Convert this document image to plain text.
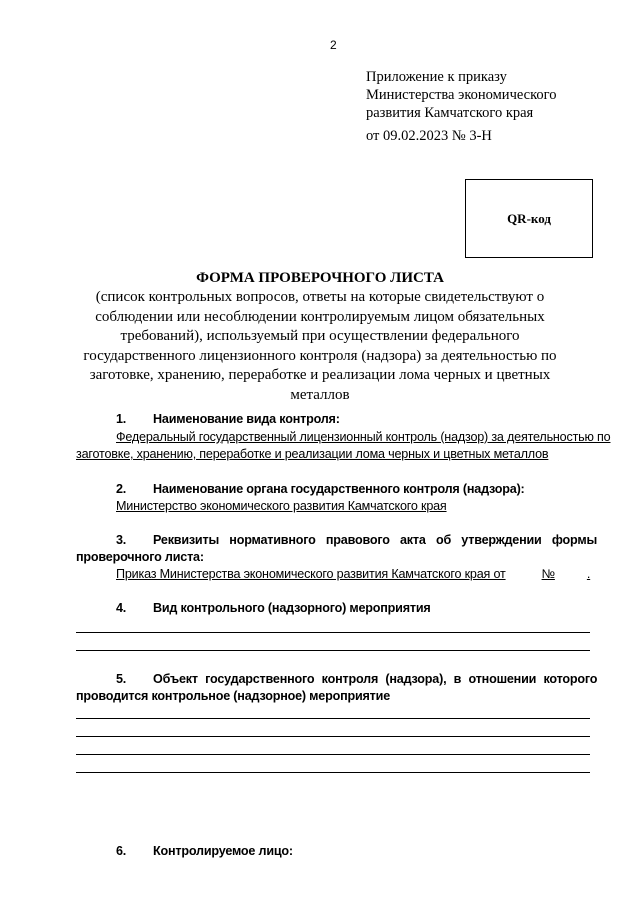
2
Приложение к приказу
Министерства экономического
развития Камчатского края
от 09.02.2023 № 3-Н
QR-код
ФОРМА ПРОВЕРОЧНОГО ЛИСТА
(список контрольных вопросов, ответы на которые свидетельствуют о
соблюдении или несоблюдении контролируемым лицом обязательных
требований), используемый при осуществлении федерального
государственного лицензионного контроля (надзора) за деятельностью по
заготовке, хранению, переработке и реализации лома черных и цветных
металлов
1. Наименование вида контроля:
Федеральный государственный лицензионный контроль (надзор) за деятельностью по
заготовке, хранению, переработке и реализации лома черных и цветных металлов
2. Наименование органа государственного контроля (надзора):
Министерство экономического развития Камчатского края
3. Реквизиты нормативного правового акта об утверждении формы
проверочного листа:
Приказ Министерства экономического развития Камчатского края от	№	.
4. Вид контрольного (надзорного) мероприятия
5. Объект государственного контроля (надзора), в отношении которого
проводится контрольное (надзорное) мероприятие
6. Контролируемое лицо:
